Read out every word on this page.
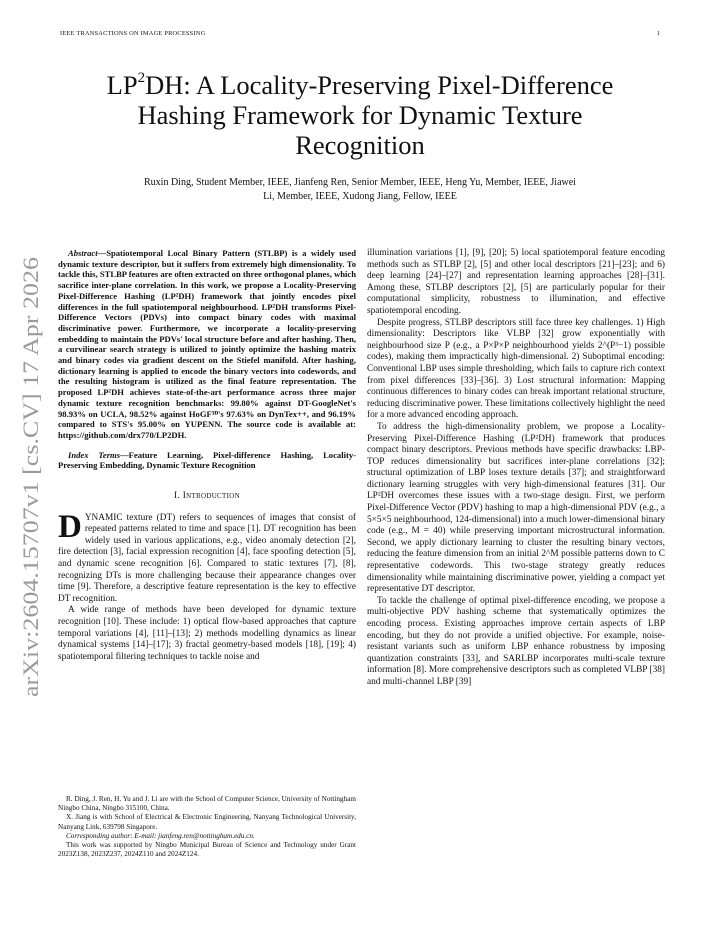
IEEE TRANSACTIONS ON IMAGE PROCESSING	1
arXiv:2604.15707v1 [cs.CV] 17 Apr 2026
$LP^2DH$: A Locality-Preserving Pixel-Difference
Hashing Framework for Dynamic Texture
Recognition
Ruxin Ding, Student Member, IEEE, Jianfeng Ren, Senior Member, IEEE, Heng Yu, Member, IEEE, Jiawei
Li, Member, IEEE, Xudong Jiang, Fellow, IEEE

Abstract—Spatiotemporal Local Binary Pattern (STLBP) is a widely used dynamic texture descriptor, but it suffers from extremely high dimensionality. To tackle this, STLBP features are often extracted on three orthogonal planes, which sacrifice inter-plane correlation. In this work, we propose a Locality-Preserving Pixel-Difference Hashing (LP²DH) framework that jointly encodes pixel differences in the full spatiotemporal neighbourhood. LP²DH transforms Pixel-Difference Vectors (PDVs) into compact binary codes with maximal discriminative power. Furthermore, we incorporate a locality-preserving embedding to maintain the PDVs' local structure before and after hashing. Then, a curvilinear search strategy is utilized to jointly optimize the hashing matrix and binary codes via gradient descent on the Stiefel manifold. After hashing, dictionary learning is applied to encode the binary vectors into codewords, and the resulting histogram is utilized as the final feature representation. The proposed LP²DH achieves state-of-the-art performance across three major dynamic texture recognition benchmarks: 99.80% against DT-GoogleNet's 98.93% on UCLA, 98.52% against HoGF³ᴰ's 97.63% on DynTex++, and 96.19% compared to STS's 95.00% on YUPENN. The source code is available at: https://github.com/drx770/LP2DH.

Index Terms—Feature Learning, Pixel-difference Hashing, Locality-Preserving Embedding, Dynamic Texture Recognition

I. Introduction

DYNAMIC texture (DT) refers to sequences of images that consist of repeated patterns related to time and space [1]. DT recognition has been widely used in various applications, e.g., video anomaly detection [2], fire detection [3], facial expression recognition [4], face spoofing detection [5], and dynamic scene recognition [6]. Compared to static textures [7], [8], recognizing DTs is more challenging because their appearance changes over time [9]. Therefore, a descriptive feature representation is the key to effective DT recognition.

A wide range of methods have been developed for dynamic texture recognition [10]. These include: 1) optical flow-based approaches that capture temporal variations [4], [11]–[13]; 2) methods modelling dynamics as linear dynamical systems [14]–[17]; 3) fractal geometry-based models [18], [19]; 4) spatiotemporal filtering techniques to tackle noise and

illumination variations [1], [9], [20]; 5) local spatiotemporal feature encoding methods such as STLBP [2], [5] and other local descriptors [21]–[23]; and 6) deep learning [24]–[27] and representation learning approaches [28]–[31]. Among these, STLBP descriptors [2], [5] are particularly popular for their computational simplicity, robustness to illumination, and effective spatiotemporal encoding.

Despite progress, STLBP descriptors still face three key challenges. 1) High dimensionality: Descriptors like VLBP [32] grow exponentially with neighbourhood size P (e.g., a P×P×P neighbourhood yields 2^(P³−1) possible codes), making them impractically high-dimensional. 2) Suboptimal encoding: Conventional LBP uses simple thresholding, which fails to capture rich context from pixel differences [33]–[36]. 3) Lost structural information: Mapping continuous differences to binary codes can break important relational structure, reducing discriminative power. These limitations collectively highlight the need for a more advanced encoding approach.

To address the high-dimensionality problem, we propose a Locality-Preserving Pixel-Difference Hashing (LP²DH) framework that produces compact binary descriptors. Previous methods have specific drawbacks: LBP-TOP reduces dimensionality but sacrifices inter-plane correlations [32]; structural optimization of LBP loses texture details [37]; and straightforward dictionary learning struggles with very high-dimensional features [31]. Our LP²DH overcomes these issues with a two-stage design. First, we perform Pixel-Difference Vector (PDV) hashing to map a high-dimensional PDV (e.g., a 5×5×5 neighbourhood, 124-dimensional) into a much lower-dimensional binary code (e.g., M = 40) while preserving important microstructural information. Second, we apply dictionary learning to cluster the resulting binary vectors, reducing the feature dimension from an initial 2^M possible patterns down to C representative codewords. This two-stage strategy greatly reduces dimensionality while maintaining discriminative power, yielding a compact yet representative DT descriptor.

To tackle the challenge of optimal pixel-difference encoding, we propose a multi-objective PDV hashing scheme that systematically optimizes the encoding process. Existing approaches improve certain aspects of LBP encoding, but they do not provide a unified objective. For example, noise-resistant variants such as uniform LBP enhance robustness by imposing quantization constraints [33], and SARLBP incorporates multi-scale texture information [8]. More comprehensive descriptors such as completed VLBP [38] and multi-channel LBP [39]

R. Ding, J. Ren, H. Yu and J. Li are with the School of Computer Science, University of Nottingham Ningbo China, Ningbo 315100, China.

X. Jiang is with School of Electrical & Electronic Engineering, Nanyang Technological University, Nanyang Link, 639798 Singapore.

Corresponding author: E-mail: jianfeng.ren@nottingham.edu.cn.

This work was supported by Ningbo Municipal Bureau of Science and Technology under Grant 2023Z138, 2023Z237, 2024Z110 and 2024Z124.
